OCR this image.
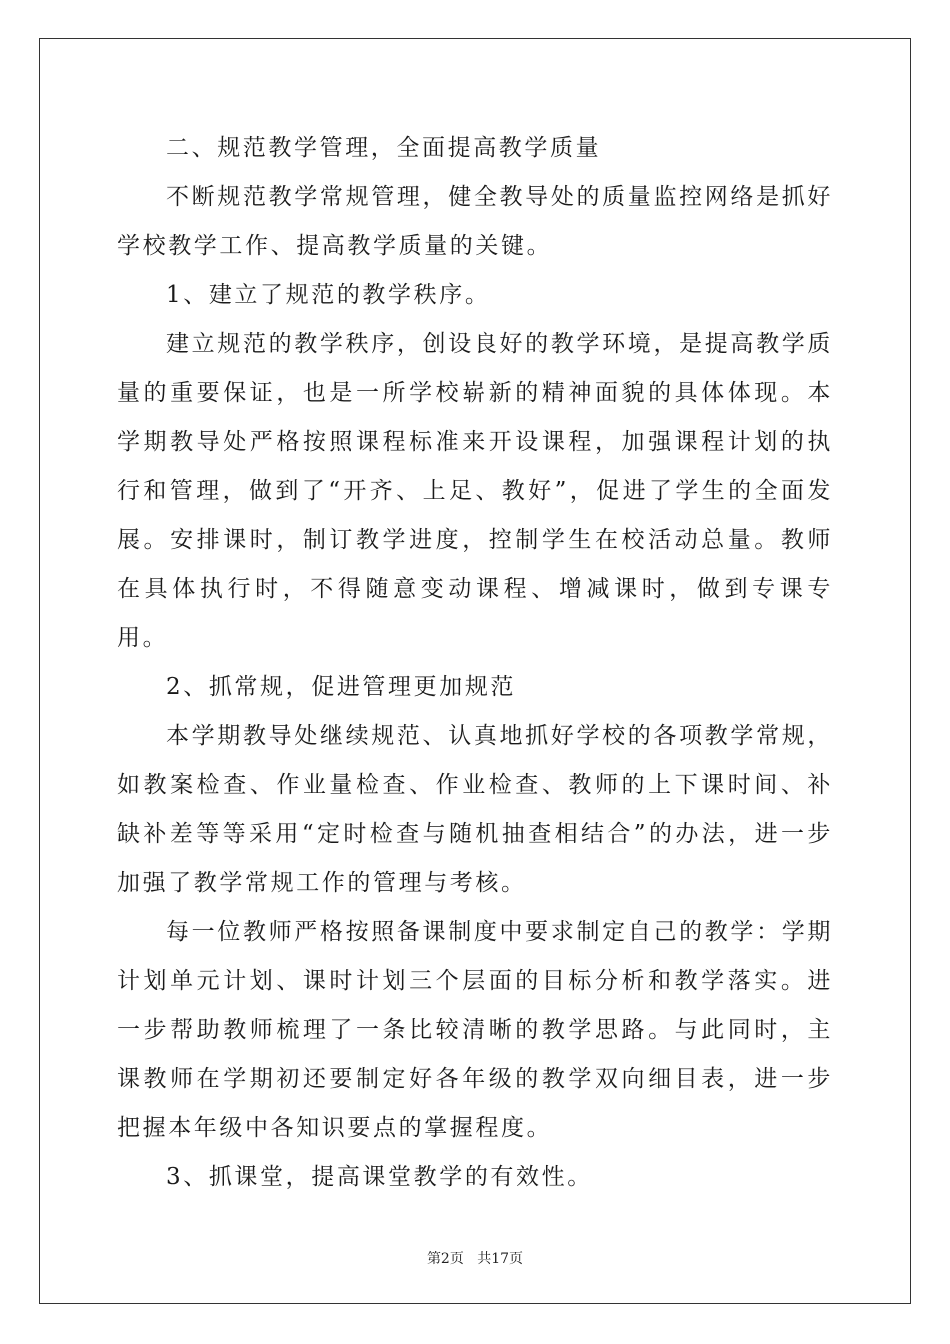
二、规范教学管理，全面提高教学质量

不断规范教学常规管理，健全教导处的质量监控网络是抓好学校教学工作、提高教学质量的关键。

1、建立了规范的教学秩序。

建立规范的教学秩序，创设良好的教学环境，是提高教学质量的重要保证，也是一所学校崭新的精神面貌的具体体现。本学期教导处严格按照课程标准来开设课程，加强课程计划的执行和管理，做到了“开齐、上足、教好”，促进了学生的全面发展。安排课时，制订教学进度，控制学生在校活动总量。教师在具体执行时，不得随意变动课程、增减课时，做到专课专用。

2、抓常规，促进管理更加规范

本学期教导处继续规范、认真地抓好学校的各项教学常规，如教案检查、作业量检查、作业检查、教师的上下课时间、补缺补差等等采用“定时检查与随机抽查相结合”的办法，进一步加强了教学常规工作的管理与考核。

每一位教师严格按照备课制度中要求制定自己的教学：学期计划单元计划、课时计划三个层面的目标分析和教学落实。进一步帮助教师梳理了一条比较清晰的教学思路。与此同时，主课教师在学期初还要制定好各年级的教学双向细目表，进一步把握本年级中各知识要点的掌握程度。

3、抓课堂，提高课堂教学的有效性。

第2页 共17页
